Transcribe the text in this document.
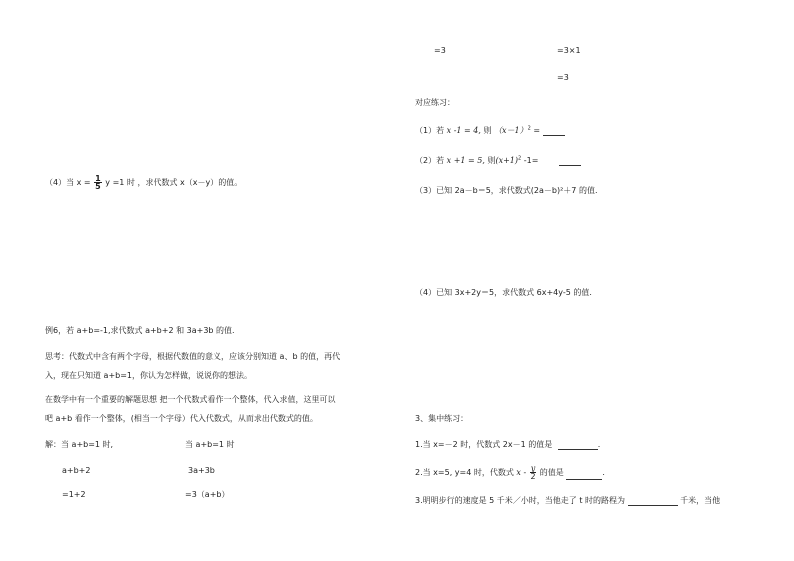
（4）当 $x = \frac{1}{5}$ y =1 时 ，求代数式 x（x－y）的值。
例6，若 a+b=-1,求代数式 a+b+2 和 3a+3b 的值.
思考：代数式中含有两个字母，根据代数值的意义，应该分别知道 a、b 的值，再代
入，现在只知道 a+b=1，你认为怎样做，说说你的想法。
在数学中有一个重要的解题思想 把一个代数式看作一个整体，代入求值，这里可以
吧 a+b 看作一个整体，(相当一个字母）代入代数式，从而求出代数式的值。
解：当 a+b=1 时,	当 a+b=1 时
a+b+2	3a+3b
=1+2	=3（a+b）
=3	=3×1
=3
对应练习：
（1）若 x -1 = 4, 则 $(x-1)^2$ =
（2）若 x +1 = 5, 则$(x+1)^2$ -1=
（3）已知 2a－b＝5，求代数式(2a－b)²＋7 的值.
（4）已知 3x+2y＝5，求代数式 6x+4y-5 的值.
3、集中练习：
1.当 x=－2 时，代数式 2x－1 的值是	.
2.当 x=5, y=4 时，代数式 x - $\frac{y}{2}$ 的值是	.
3.明明步行的速度是 5 千米／小时，当他走了 t 时的路程为	千米，当他
